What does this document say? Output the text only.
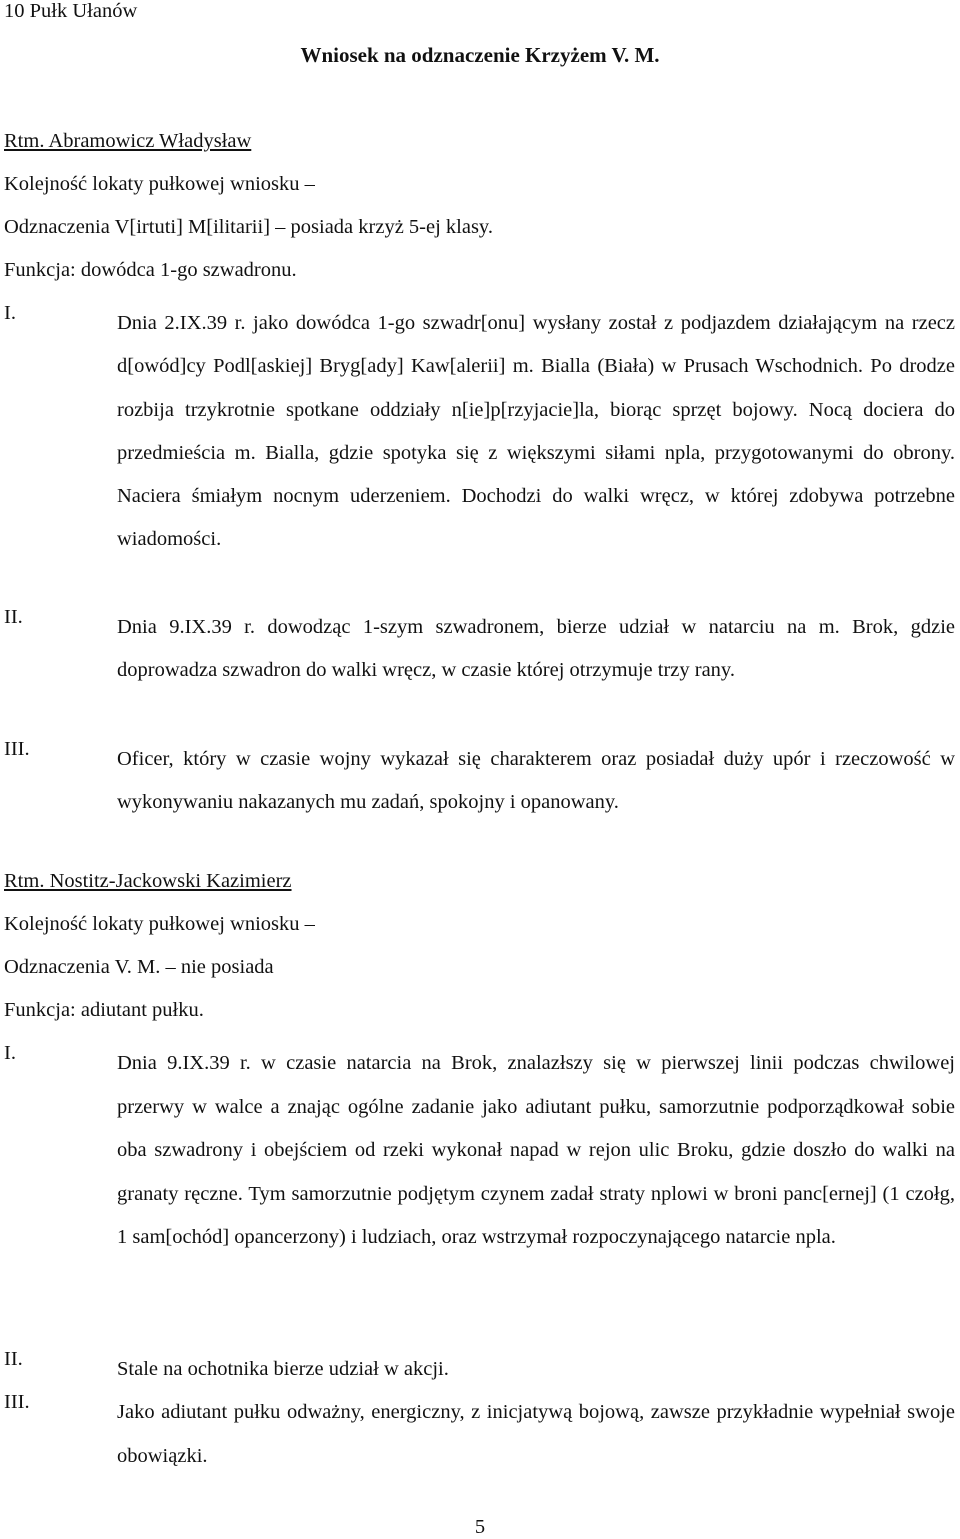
10 Pułk Ułanów
Wniosek na odznaczenie Krzyżem V. M.
Rtm. Abramowicz Władysław
Kolejność lokaty pułkowej wniosku –
Odznaczenia V[irtuti] M[ilitarii] – posiada krzyż 5-ej klasy.
Funkcja: dowódca 1-go szwadronu.
I.	Dnia 2.IX.39 r. jako dowódca 1-go szwadr[onu] wysłany został z podjazdem działającym na rzecz d[owód]cy Podl[askiej] Bryg[ady] Kaw[alerii] m. Bialla (Biała) w Prusach Wschodnich. Po drodze rozbija trzykrotnie spotkane oddziały n[ie]p[rzyjacie]la, biorąc sprzęt bojowy. Nocą dociera do przedmieścia m. Bialla, gdzie spotyka się z większymi siłami npla, przygotowanymi do obrony. Naciera śmiałym nocnym uderzeniem. Dochodzi do walki wręcz, w której zdobywa potrzebne wiadomości.

II.	Dnia 9.IX.39 r. dowodząc 1-szym szwadronem, bierze udział w natarciu na m. Brok, gdzie doprowadza szwadron do walki wręcz, w czasie której otrzymuje trzy rany.

III.	Oficer, który w czasie wojny wykazał się charakterem oraz posiadał duży upór i rzeczowość w wykonywaniu nakazanych mu zadań, spokojny i opanowany.

Rtm. Nostitz-Jackowski Kazimierz
Kolejność lokaty pułkowej wniosku –
Odznaczenia V. M. – nie posiada
Funkcja: adiutant pułku.
I.	Dnia 9.IX.39 r. w czasie natarcia na Brok, znalazłszy się w pierwszej linii podczas chwilowej przerwy w walce a znając ogólne zadanie jako adiutant pułku, samorzutnie podporządkował sobie oba szwadrony i obejściem od rzeki wykonał napad w rejon ulic Broku, gdzie doszło do walki na granaty ręczne. Tym samorzutnie podjętym czynem zadał straty nplowi w broni panc[ernej] (1 czołg, 1 sam[ochód] opancerzony) i ludziach, oraz wstrzymał rozpoczynającego natarcie npla.

II.	Stale na ochotnika bierze udział w akcji.

III.	Jako adiutant pułku odważny, energiczny, z inicjatywą bojową, zawsze przykładnie wypełniał swoje obowiązki.

5
